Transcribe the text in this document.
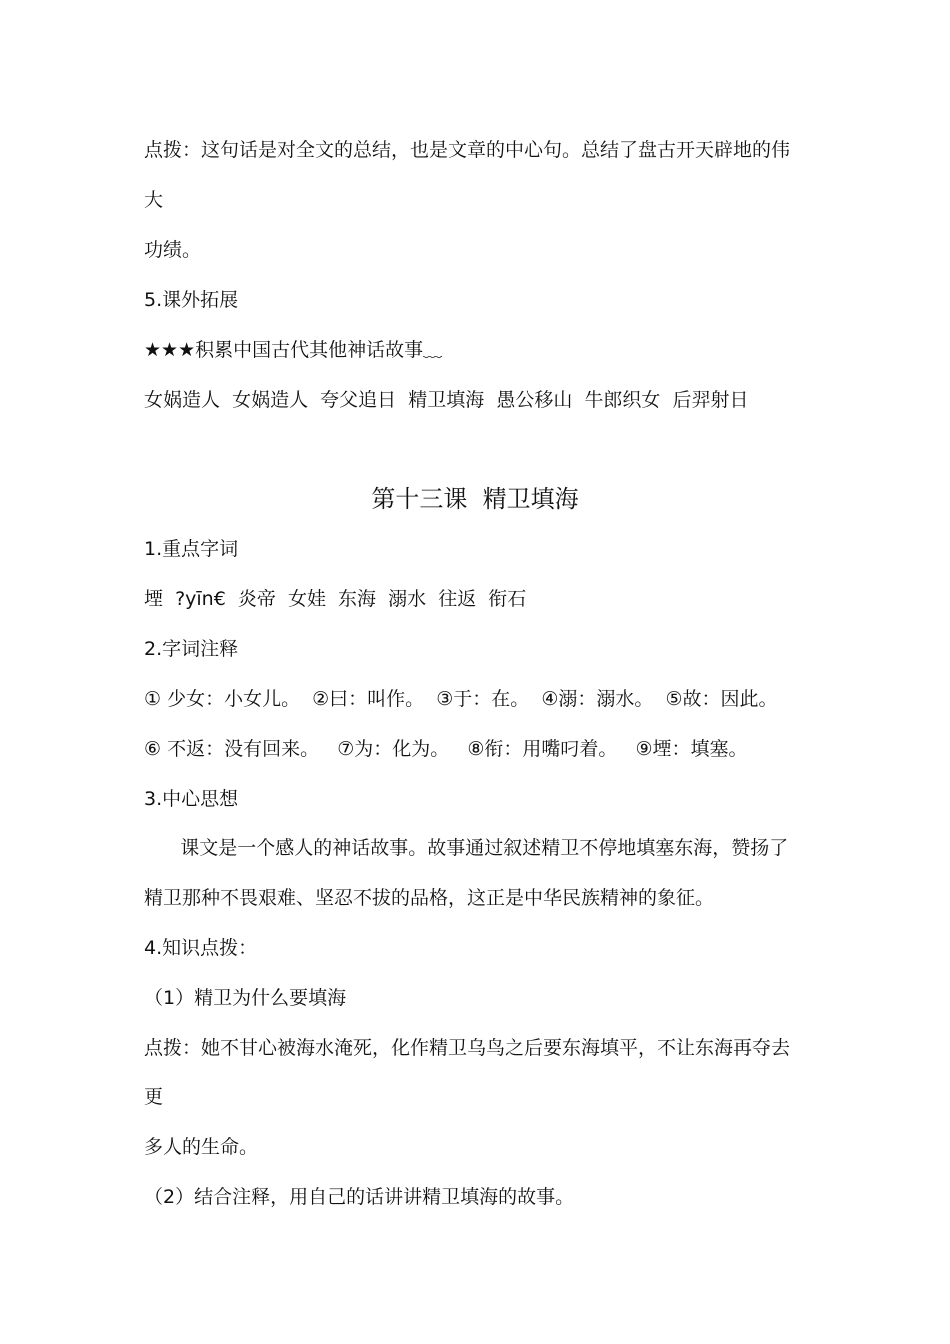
点拨：这句话是对全文的总结，也是文章的中心句。总结了盘古开天辟地的伟
大
功绩。
5.课外拓展
★★★积累中国古代其他神话故事﹏
女娲造人  女娲造人  夸父追日  精卫填海  愚公移山  牛郎织女  后羿射日
第十三课  精卫填海
1.重点字词
堙  ?yīn€  炎帝  女娃  东海  溺水  往返  衔石
2.字词注释
① 少女：小女儿。  ②曰：叫作。  ③于：在。  ④溺：溺水。  ⑤故：因此。
⑥ 不返：没有回来。   ⑦为：化为。   ⑧衔：用嘴叼着。   ⑨堙：填塞。
3.中心思想
课文是一个感人的神话故事。故事通过叙述精卫不停地填塞东海，赞扬了
精卫那种不畏艰难、坚忍不拔的品格，这正是中华民族精神的象征。
4.知识点拨：
（1）精卫为什么要填海
点拨：她不甘心被海水淹死，化作精卫乌鸟之后要东海填平，不让东海再夺去
更
多人的生命。
（2）结合注释，用自己的话讲讲精卫填海的故事。
